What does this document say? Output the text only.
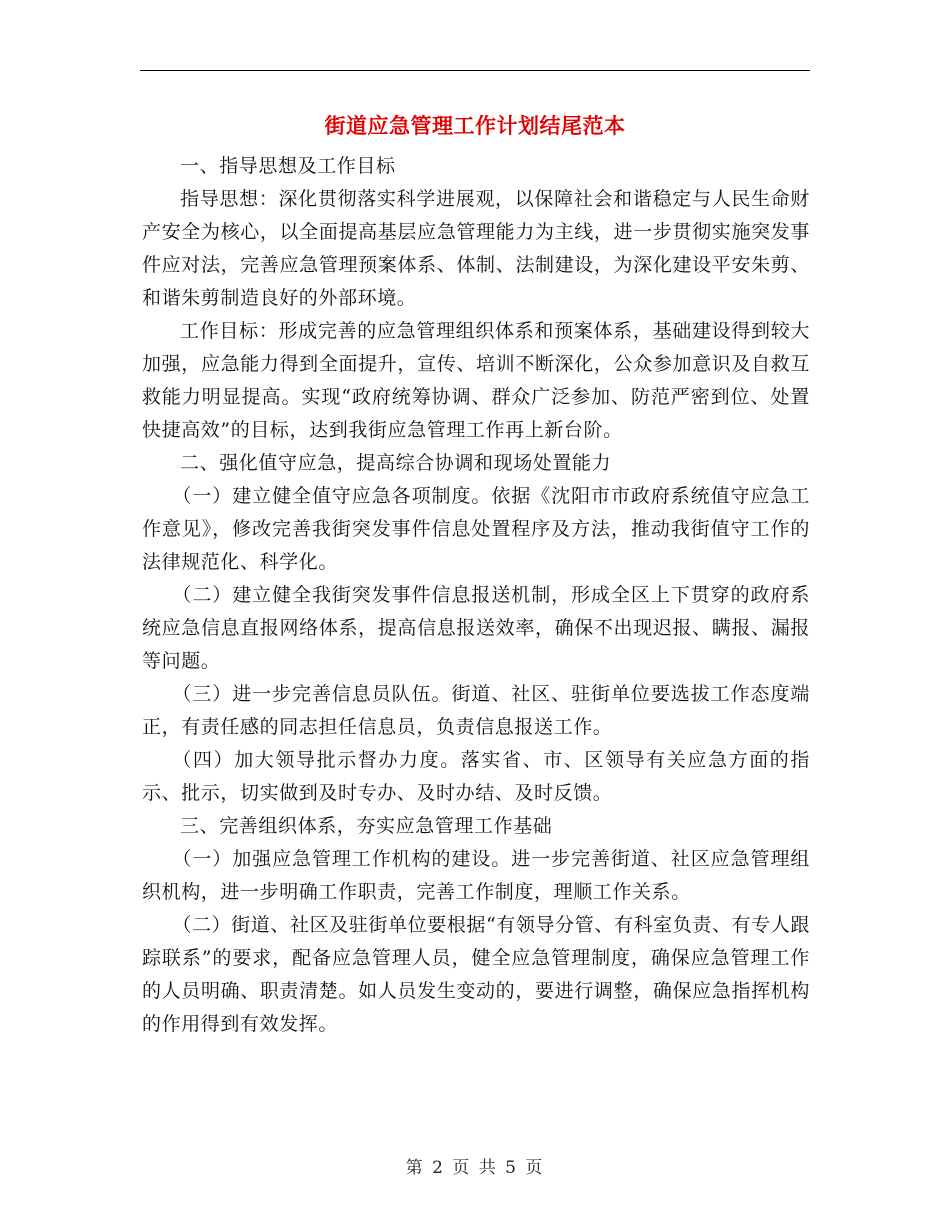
街道应急管理工作计划结尾范本

一、指导思想及工作目标

指导思想：深化贯彻落实科学进展观，以保障社会和谐稳定与人民生命财产安全为核心，以全面提高基层应急管理能力为主线，进一步贯彻实施突发事件应对法，完善应急管理预案体系、体制、法制建设，为深化建设平安朱剪、和谐朱剪制造良好的外部环境。

工作目标：形成完善的应急管理组织体系和预案体系，基础建设得到较大加强，应急能力得到全面提升，宣传、培训不断深化，公众参加意识及自救互救能力明显提高。实现“政府统筹协调、群众广泛参加、防范严密到位、处置快捷高效”的目标，达到我街应急管理工作再上新台阶。

二、强化值守应急，提高综合协调和现场处置能力

（一）建立健全值守应急各项制度。依据《沈阳市市政府系统值守应急工作意见》，修改完善我街突发事件信息处置程序及方法，推动我街值守工作的法律规范化、科学化。

（二）建立健全我街突发事件信息报送机制，形成全区上下贯穿的政府系统应急信息直报网络体系，提高信息报送效率，确保不出现迟报、瞒报、漏报等问题。

（三）进一步完善信息员队伍。街道、社区、驻街单位要选拔工作态度端正，有责任感的同志担任信息员，负责信息报送工作。

（四）加大领导批示督办力度。落实省、市、区领导有关应急方面的指示、批示，切实做到及时专办、及时办结、及时反馈。

三、完善组织体系，夯实应急管理工作基础

（一）加强应急管理工作机构的建设。进一步完善街道、社区应急管理组织机构，进一步明确工作职责，完善工作制度，理顺工作关系。

（二）街道、社区及驻街单位要根据“有领导分管、有科室负责、有专人跟踪联系”的要求，配备应急管理人员，健全应急管理制度，确保应急管理工作的人员明确、职责清楚。如人员发生变动的，要进行调整，确保应急指挥机构的作用得到有效发挥。

第 2 页 共 5 页
